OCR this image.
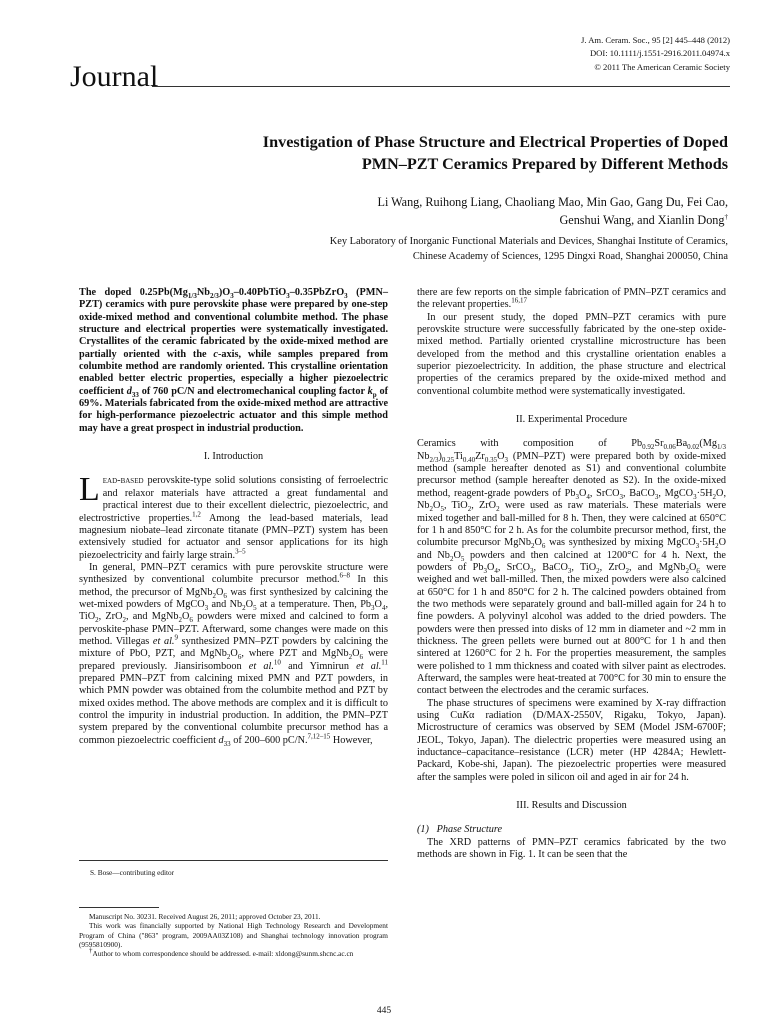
J. Am. Ceram. Soc., 95 [2] 445–448 (2012)
DOI: 10.1111/j.1551-2916.2011.04974.x
© 2011 The American Ceramic Society
Journal
Investigation of Phase Structure and Electrical Properties of Doped
PMN–PZT Ceramics Prepared by Different Methods
Li Wang, Ruihong Liang, Chaoliang Mao, Min Gao, Gang Du, Fei Cao,
Genshui Wang, and Xianlin Dong†
Key Laboratory of Inorganic Functional Materials and Devices, Shanghai Institute of Ceramics,
Chinese Academy of Sciences, 1295 Dingxi Road, Shanghai 200050, China

The doped $0.25Pb(Mg_{1/3}Nb_{2/3})O_3-0.40PbTiO_3-0.35PbZrO_3$ (PMN–PZT) ceramics with pure perovskite phase were prepared by one-step oxide-mixed method and conventional columbite method. The phase structure and electrical properties were systematically investigated. Crystallites of the ceramic fabricated by the oxide-mixed method are partially oriented with the c-axis, while samples prepared from columbite method are randomly oriented. This crystalline orientation enabled better electric properties, especially a higher piezoelectric coefficient $d_{33}$ of 760 pC/N and electromechanical coupling factor $k_p$ of 69%. Materials fabricated from the oxide-mixed method are attractive for high-performance piezoelectric actuator and this simple method may have a great prospect in industrial production.

I. Introduction

Lead-based perovskite-type solid solutions consisting of ferroelectric and relaxor materials have attracted a great fundamental and practical interest due to their excellent dielectric, piezoelectric, and electrostrictive properties.$^{1,2}$ Among the lead-based materials, lead magnesium niobate–lead zirconate titanate (PMN–PZT) system has been extensively studied for actuator and sensor applications for its high piezoelectricity and fairly large strain.$^{3-5}$

In general, PMN–PZT ceramics with pure perovskite structure were synthesized by conventional columbite precursor method.$^{6-8}$ In this method, the precursor of $MgNb_2O_6$ was first synthesized by calcining the wet-mixed powders of MgCO$_3$ and $Nb_2O_5$ at a temperature. Then, $Pb_3O_4$, TiO$_2$, ZrO$_2$, and $MgNb_2O_6$ powders were mixed and calcined to form a pervoskite-phase PMN–PZT. Afterward, some changes were made on this method. Villegas et al.$^9$ synthesized PMN–PZT powders by calcining the mixture of PbO, PZT, and $MgNb_2O_6$, where PZT and $MgNb_2O_6$ were prepared previously. Jiansirisomboon et al.$^{10}$ and Yimnirun et al.$^{11}$ prepared PMN–PZT from calcining mixed PMN and PZT powders, in which PMN powder was obtained from the columbite method and PZT by mixed oxides method. The above methods are complex and it is difficult to control the impurity in industrial production. In addition, the PMN–PZT system prepared by the conventional columbite precursor method has a common piezoelectric coefficient $d_{33}$ of 200–600 pC/N.$^{7,12-15}$ However,

S. Bose—contributing editor

Manuscript No. 30231. Received August 26, 2011; approved October 23, 2011.

This work was financially supported by National High Technology Research and Development Program of China ("863" program, 2009AA03Z108) and Shanghai technology innovation program (9595810900).

†Author to whom correspondence should be addressed. e-mail: xldong@sunm.shcnc.ac.cn

there are few reports on the simple fabrication of PMN–PZT ceramics and the relevant properties.$^{16,17}$

In our present study, the doped PMN–PZT ceramics with pure perovskite structure were successfully fabricated by the one-step oxide-mixed method. Partially oriented crystalline microstructure has been developed from the method and this crystalline orientation enables a superior piezoelectricity. In addition, the phase structure and electrical properties of the ceramics prepared by the oxide-mixed method and conventional columbite method were systematically investigated.

II. Experimental Procedure

Ceramics with composition of $Pb_{0.92}Sr_{0.06}Ba_{0.02}(Mg_{1/3}$ $Nb_{2/3})_{0.25}Ti_{0.40}Zr_{0.35}O_3$ (PMN–PZT) were prepared both by oxide-mixed method (sample hereafter denoted as S1) and conventional columbite precursor method (sample hereafter denoted as S2). In the oxide-mixed method, reagent-grade powders of $Pb_3O_4$, SrCO$_3$, BaCO$_3$, $MgCO_3\cdot 5H_2O$, $Nb_2O_5$, TiO$_2$, ZrO$_2$ were used as raw materials. These materials were mixed together and ball-milled for 8 h. Then, they were calcined at 650°C for 1 h and 850°C for 2 h. As for the columbite precursor method, first, the columbite precursor $MgNb_2O_6$ was synthesized by mixing $MgCO_3\cdot 5H_2O$ and $Nb_2O_5$ powders and then calcined at 1200°C for 4 h. Next, the powders of $Pb_3O_4$, SrCO$_3$, BaCO$_3$, TiO$_2$, ZrO$_2$, and $MgNb_2O_6$ were weighed and wet ball-milled. Then, the mixed powders were also calcined at 650°C for 1 h and 850°C for 2 h. The calcined powders obtained from the two methods were separately ground and ball-milled again for 24 h to fine powders. A polyvinyl alcohol was added to the dried powders. The powders were then pressed into disks of 12 mm in diameter and ~2 mm in thickness. The green pellets were burned out at 800°C for 1 h and then sintered at 1260°C for 2 h. For the properties measurement, the samples were polished to 1 mm thickness and coated with silver paint as electrodes. Afterward, the samples were heat-treated at 700°C for 30 min to ensure the contact between the electrodes and the ceramic surfaces.

The phase structures of specimens were examined by X-ray diffraction using CuKα radiation (D/MAX-2550V, Rigaku, Tokyo, Japan). Microstructure of ceramics was observed by SEM (Model JSM-6700F; JEOL, Tokyo, Japan). The dielectric properties were measured using an inductance–capacitance–resistance (LCR) meter (HP 4284A; Hewlett-Packard, Kobe-shi, Japan). The piezoelectric properties were measured after the samples were poled in silicon oil and aged in air for 24 h.

III. Results and Discussion

(1) Phase Structure

The XRD patterns of PMN–PZT ceramics fabricated by the two methods are shown in Fig. 1. It can be seen that the

445
